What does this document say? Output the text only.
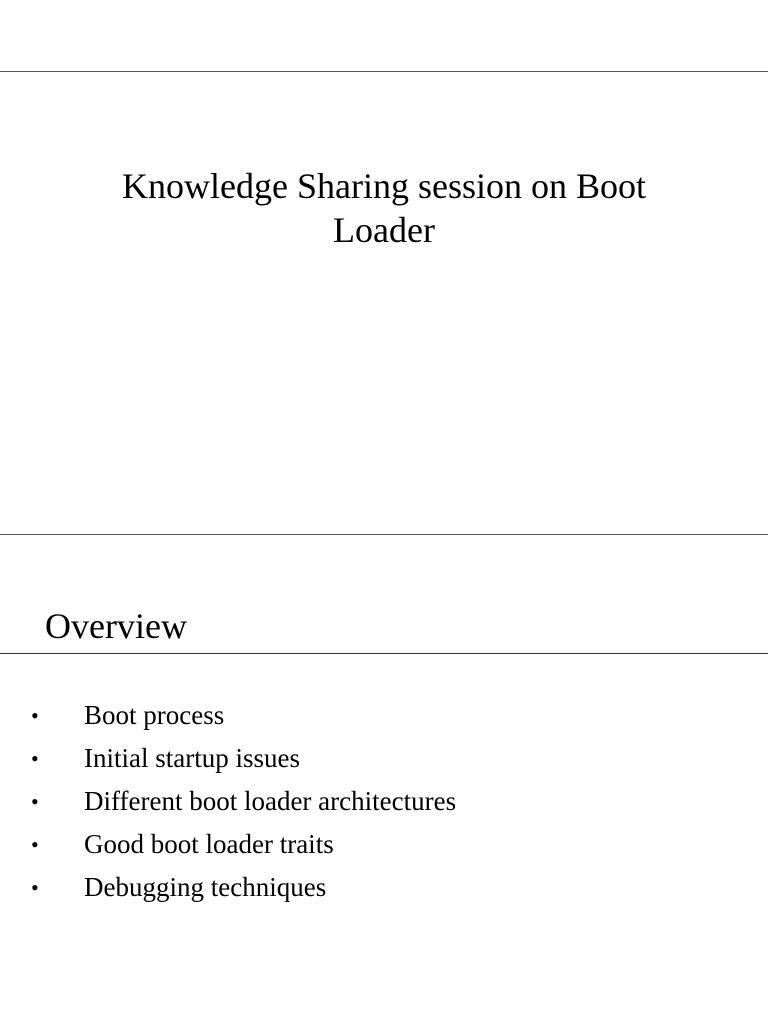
Knowledge Sharing session on Boot
Loader
Overview
• Boot process
• Initial startup issues
• Different boot loader architectures
• Good boot loader traits
• Debugging techniques
